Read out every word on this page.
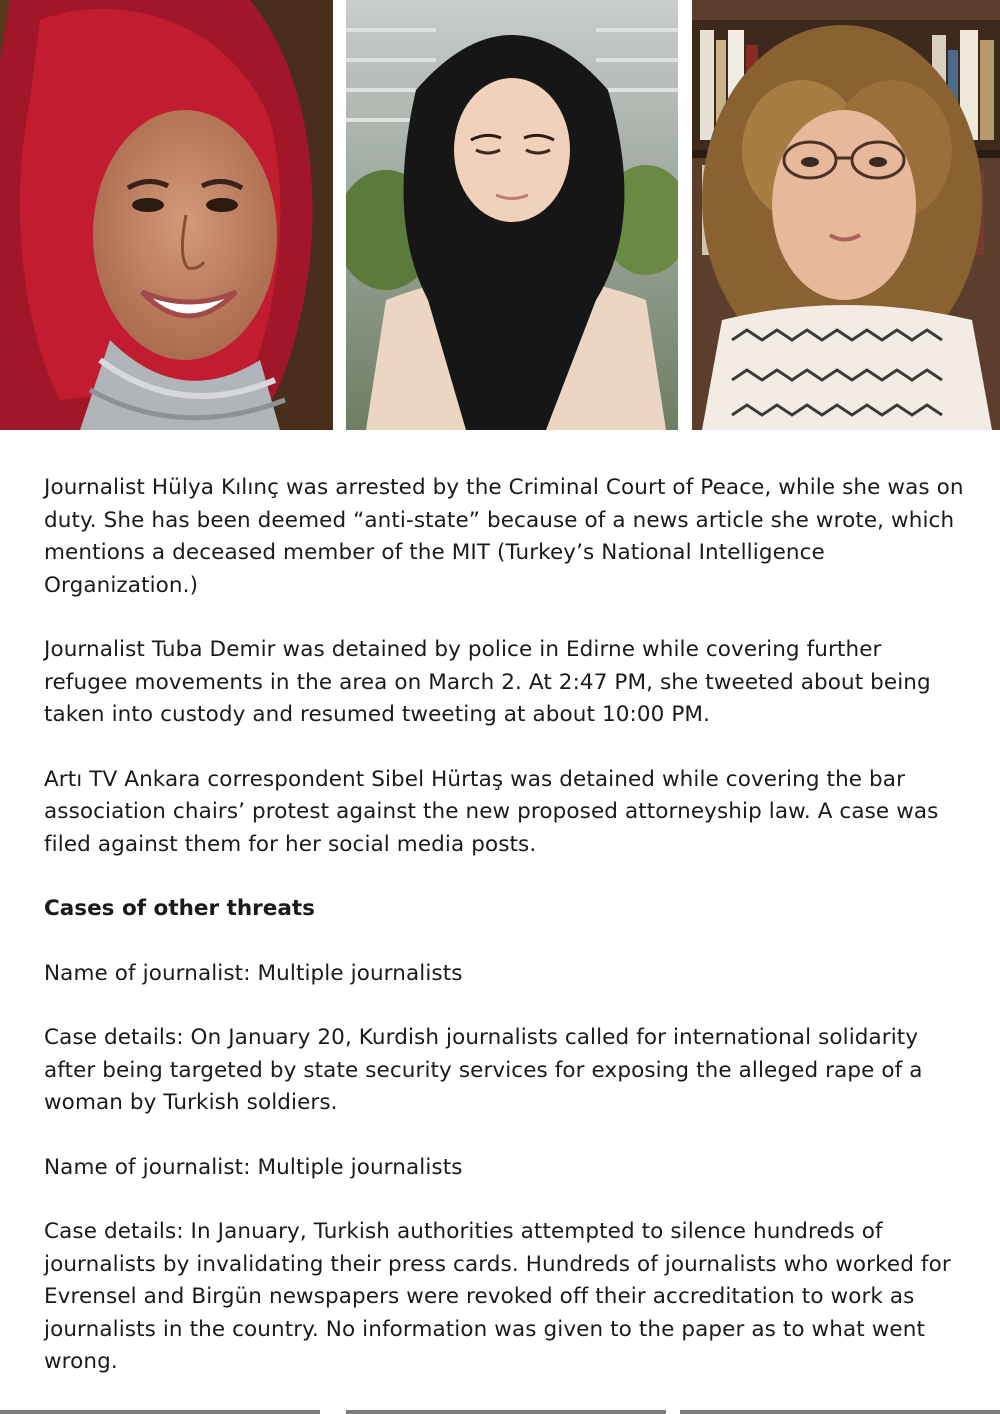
Journalist Hülya Kılınç was arrested by the Criminal Court of Peace, while she was on duty. She has been deemed “anti-state” because of a news article she wrote, which mentions a deceased member of the MIT (Turkey’s National Intelligence Organization.)

Journalist Tuba Demir was detained by police in Edirne while covering further refugee movements in the area on March 2. At 2:47 PM, she tweeted about being taken into custody and resumed tweeting at about 10:00 PM.

Artı TV Ankara correspondent Sibel Hürtaş was detained while covering the bar association chairs’ protest against the new proposed attorneyship law. A case was filed against them for her social media posts.

Cases of other threats

Name of journalist: Multiple journalists

Case details: On January 20, Kurdish journalists called for international solidarity after being targeted by state security services for exposing the alleged rape of a woman by Turkish soldiers.

Name of journalist: Multiple journalists

Case details: In January, Turkish authorities attempted to silence hundreds of journalists by invalidating their press cards. Hundreds of journalists who worked for Evrensel and Birgün newspapers were revoked off their accreditation to work as journalists in the country. No information was given to the paper as to what went wrong.
